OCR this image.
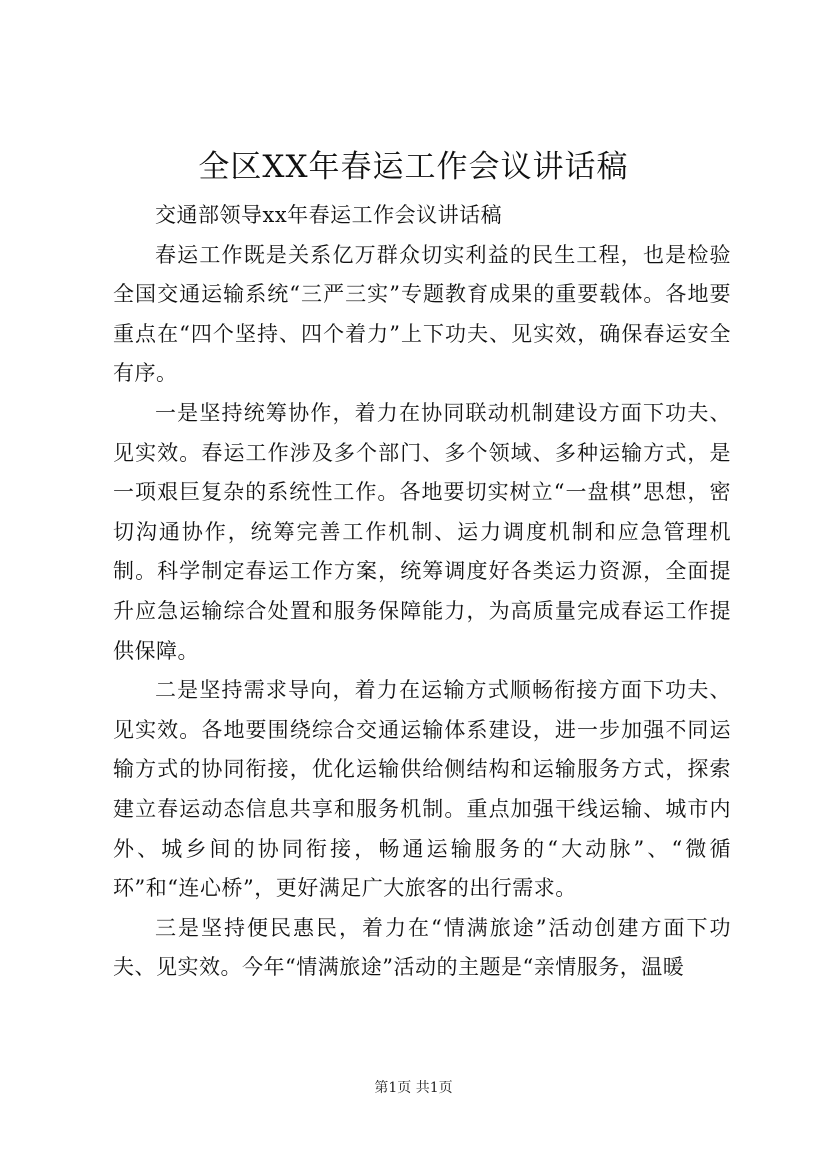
全区XX年春运工作会议讲话稿

交通部领导xx年春运工作会议讲话稿

春运工作既是关系亿万群众切实利益的民生工程，也是检验全国交通运输系统“三严三实”专题教育成果的重要载体。各地要重点在“四个坚持、四个着力”上下功夫、见实效，确保春运安全有序。

一是坚持统筹协作，着力在协同联动机制建设方面下功夫、见实效。春运工作涉及多个部门、多个领域、多种运输方式，是一项艰巨复杂的系统性工作。各地要切实树立“一盘棋”思想，密切沟通协作，统筹完善工作机制、运力调度机制和应急管理机制。科学制定春运工作方案，统筹调度好各类运力资源，全面提升应急运输综合处置和服务保障能力，为高质量完成春运工作提供保障。

二是坚持需求导向，着力在运输方式顺畅衔接方面下功夫、见实效。各地要围绕综合交通运输体系建设，进一步加强不同运输方式的协同衔接，优化运输供给侧结构和运输服务方式，探索建立春运动态信息共享和服务机制。重点加强干线运输、城市内外、城乡间的协同衔接，畅通运输服务的“大动脉”、“微循环”和“连心桥”，更好满足广大旅客的出行需求。

三是坚持便民惠民，着力在“情满旅途”活动创建方面下功夫、见实效。今年“情满旅途”活动的主题是“亲情服务，温暖

第1页 共1页
